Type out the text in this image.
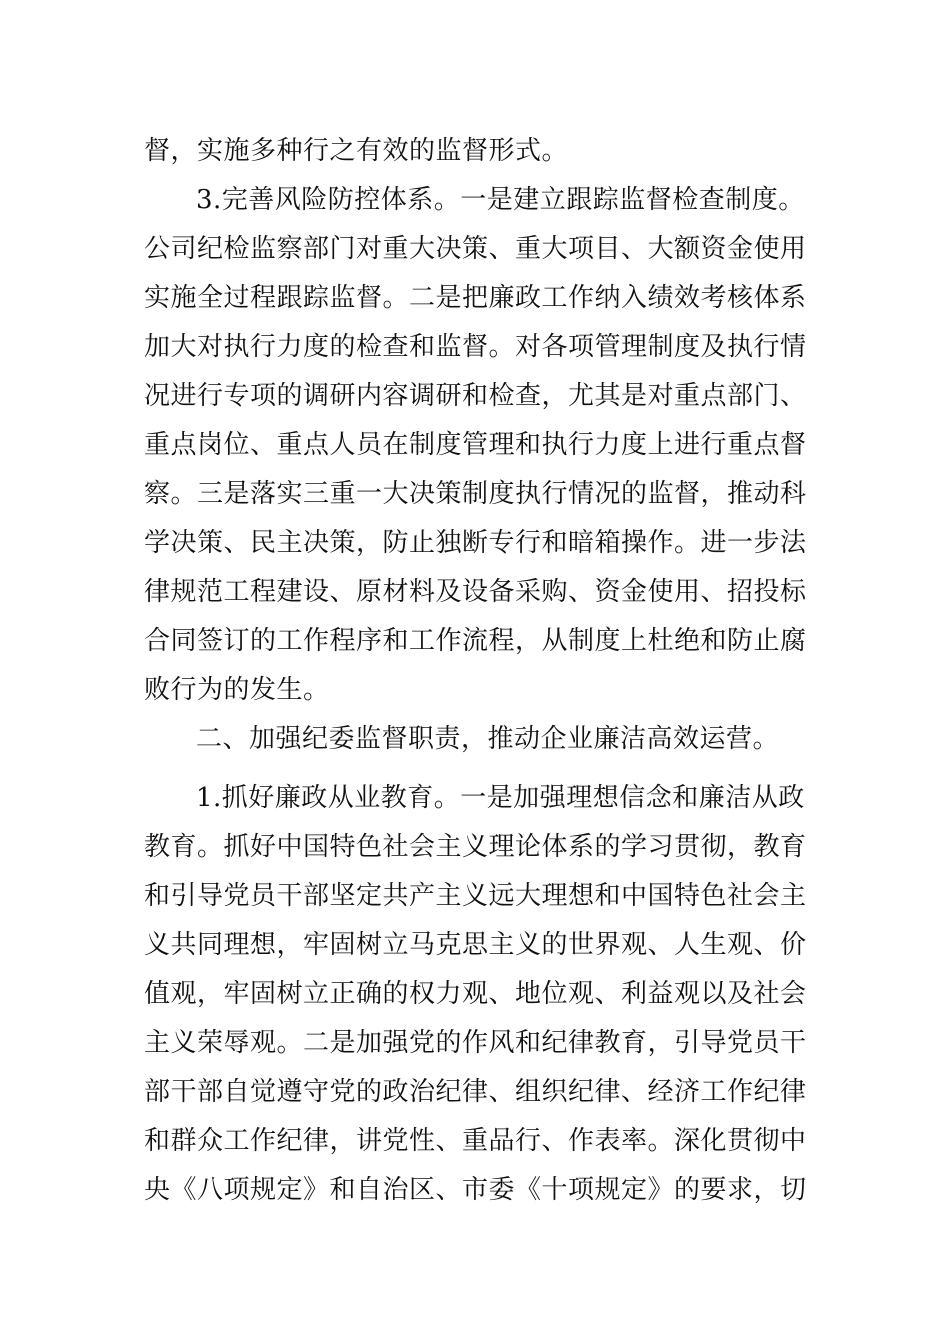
督，实施多种行之有效的监督形式。
3.完善风险防控体系。一是建立跟踪监督检查制度。
公司纪检监察部门对重大决策、重大项目、大额资金使用
实施全过程跟踪监督。二是把廉政工作纳入绩效考核体系
加大对执行力度的检查和监督。对各项管理制度及执行情
况进行专项的调研内容调研和检查，尤其是对重点部门、
重点岗位、重点人员在制度管理和执行力度上进行重点督
察。三是落实三重一大决策制度执行情况的监督，推动科
学决策、民主决策，防止独断专行和暗箱操作。进一步法
律规范工程建设、原材料及设备采购、资金使用、招投标
合同签订的工作程序和工作流程，从制度上杜绝和防止腐
败行为的发生。
二、加强纪委监督职责，推动企业廉洁高效运营。
1.抓好廉政从业教育。一是加强理想信念和廉洁从政
教育。抓好中国特色社会主义理论体系的学习贯彻，教育
和引导党员干部坚定共产主义远大理想和中国特色社会主
义共同理想，牢固树立马克思主义的世界观、人生观、价
值观，牢固树立正确的权力观、地位观、利益观以及社会
主义荣辱观。二是加强党的作风和纪律教育，引导党员干
部干部自觉遵守党的政治纪律、组织纪律、经济工作纪律
和群众工作纪律，讲党性、重品行、作表率。深化贯彻中
央《八项规定》和自治区、市委《十项规定》的要求，切
